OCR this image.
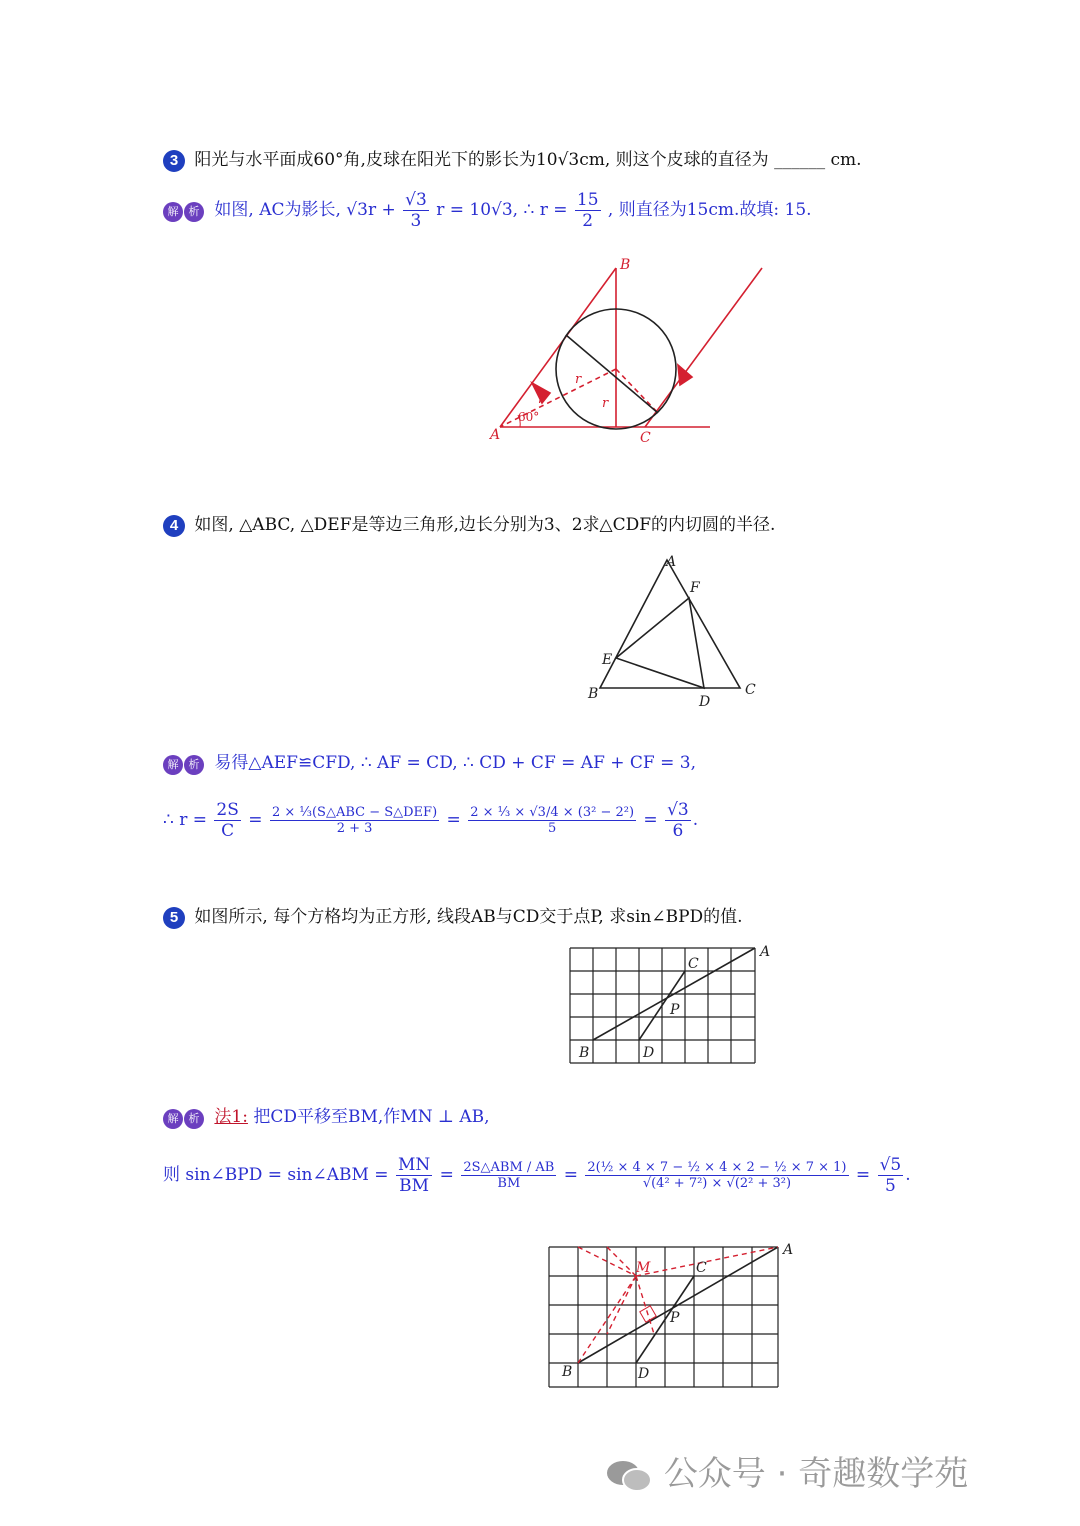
3 阳光与水平面成60°角,皮球在阳光下的影长为10√3cm, 则这个皮球的直径为 ______ cm.
解 析 如图, AC为影长, $√3r + \frac{√3}{3}$ r = 10√3, ∴ $r = \frac{15}{2}$ , 则直径为15cm.故填: 15.
A
B
C
r
r
r
60°
4 如图, △ABC, △DEF是等边三角形,边长分别为3、2求△CDF的内切圆的半径.
A
B	C
D
E
F
解 析 易得△AEF≌CFD, ∴ AF = CD, ∴ CD + CF = AF + CF = 3,
∴ $r = \frac{2S}{C} = \frac{\text{2 × ⅓(S△ABC − S△DEF)}}{2 + 3} = \frac{\text{2 × ⅓ × √3/4 × (3² − 2²)}}{5} = \frac{√3}{6}$ .
5 如图所示, 每个方格均为正方形, 线段AB与CD交于点P, 求sin∠BPD的值.
A
B
C
D
P
解 析 法1: 把CD平移至BM,作MN ⊥ AB,
则 sin∠BPD = sin∠ABM = $\frac{MN}{BM} = \frac{\text{2S△ABM / AB}}{BM} = \frac{\text{2(½ × 4 × 7 − ½ × 4 × 2 − ½ × 7 × 1)}}{\text{√(4² + 7²) × √(2² + 3²)}} = \frac{√5}{5}$ .
A
B
C
D
P
M
公众号 · 奇趣数学苑
